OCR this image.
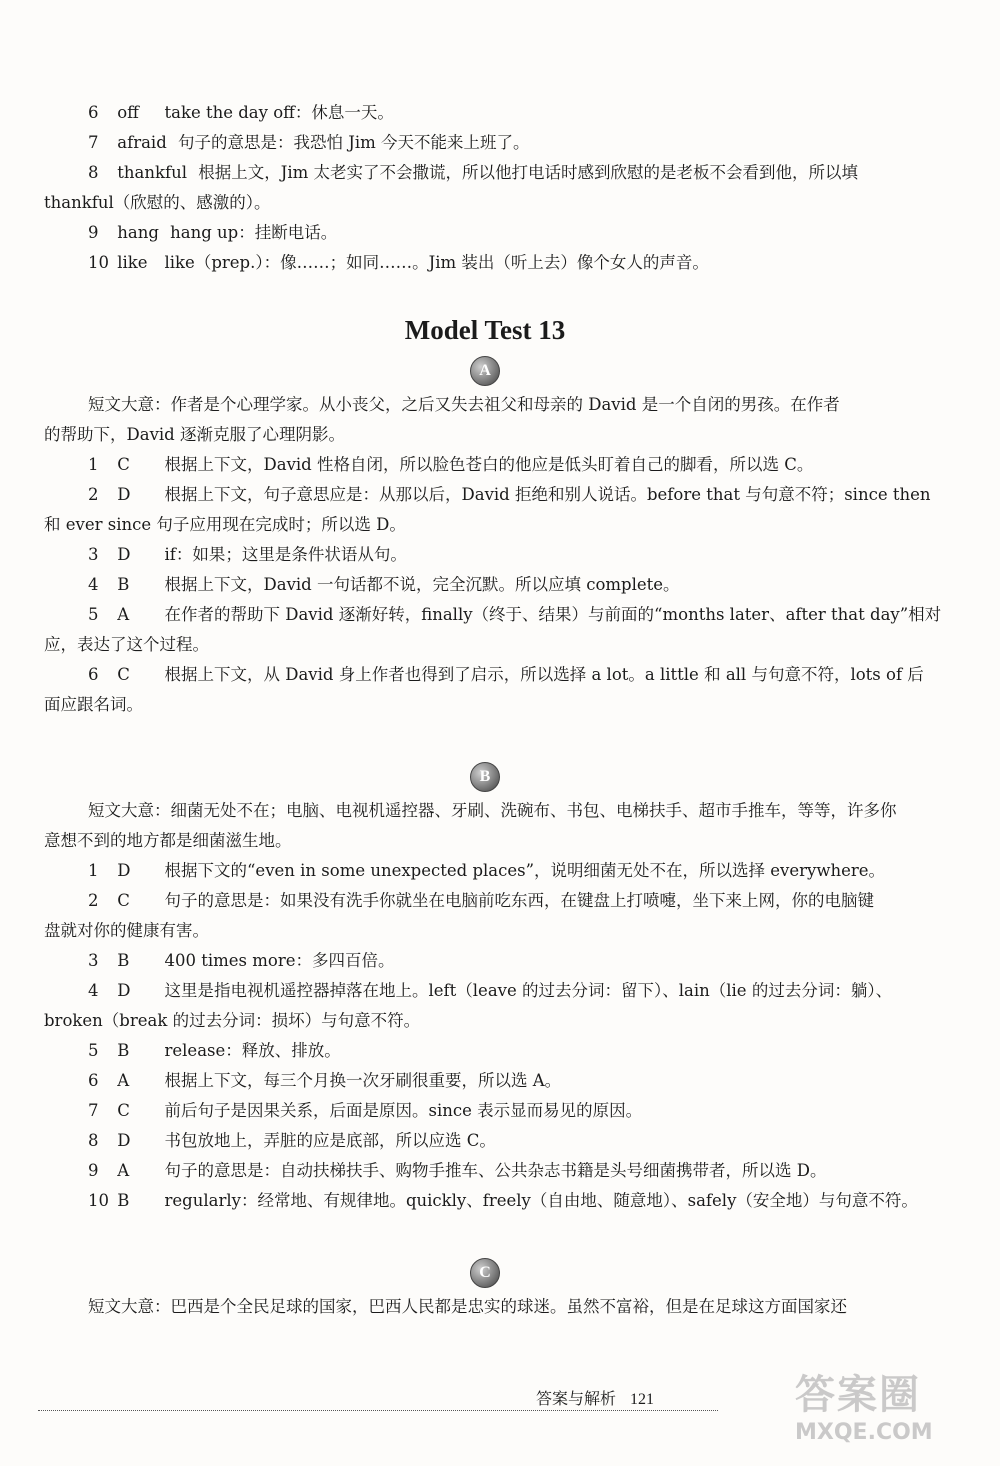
6 off take the day off：休息一天。
7 afraid 句子的意思是：我恐怕 Jim 今天不能来上班了。
8 thankful 根据上文，Jim 太老实了不会撒谎，所以他打电话时感到欣慰的是老板不会看到他，所以填
thankful（欣慰的、感激的）。
9 hang hang up：挂断电话。
10 like like（prep.）：像……；如同……。Jim 装出（听上去）像个女人的声音。
Model Test 13
A
短文大意：作者是个心理学家。从小丧父，之后又失去祖父和母亲的 David 是一个自闭的男孩。在作者
的帮助下，David 逐渐克服了心理阴影。
1 C 根据上下文，David 性格自闭，所以脸色苍白的他应是低头盯着自己的脚看，所以选 C。
2 D 根据上下文，句子意思应是：从那以后，David 拒绝和别人说话。before that 与句意不符；since then
和 ever since 句子应用现在完成时；所以选 D。
3 D if：如果；这里是条件状语从句。
4 B 根据上下文，David 一句话都不说，完全沉默。所以应填 complete。
5 A 在作者的帮助下 David 逐渐好转，finally（终于、结果）与前面的“months later、after that day”相对
应，表达了这个过程。
6 C 根据上下文，从 David 身上作者也得到了启示，所以选择 a lot。a little 和 all 与句意不符，lots of 后
面应跟名词。
B
短文大意：细菌无处不在；电脑、电视机遥控器、牙刷、洗碗布、书包、电梯扶手、超市手推车，等等，许多你
意想不到的地方都是细菌滋生地。
1 D 根据下文的“even in some unexpected places”，说明细菌无处不在，所以选择 everywhere。
2 C 句子的意思是：如果没有洗手你就坐在电脑前吃东西，在键盘上打喷嚏，坐下来上网，你的电脑键
盘就对你的健康有害。
3 B 400 times more：多四百倍。
4 D 这里是指电视机遥控器掉落在地上。left（leave 的过去分词：留下）、lain（lie 的过去分词：躺）、
broken（break 的过去分词：损坏）与句意不符。
5 B release：释放、排放。
6 A 根据上下文，每三个月换一次牙刷很重要，所以选 A。
7 C 前后句子是因果关系，后面是原因。since 表示显而易见的原因。
8 D 书包放地上，弄脏的应是底部，所以应选 C。
9 A 句子的意思是：自动扶梯扶手、购物手推车、公共杂志书籍是头号细菌携带者，所以选 D。
10 B regularly：经常地、有规律地。quickly、freely（自由地、随意地）、safely（安全地）与句意不符。
C
短文大意：巴西是个全民足球的国家，巴西人民都是忠实的球迷。虽然不富裕，但是在足球这方面国家还
答案与解析 121	答案圈
MXQE.COM
